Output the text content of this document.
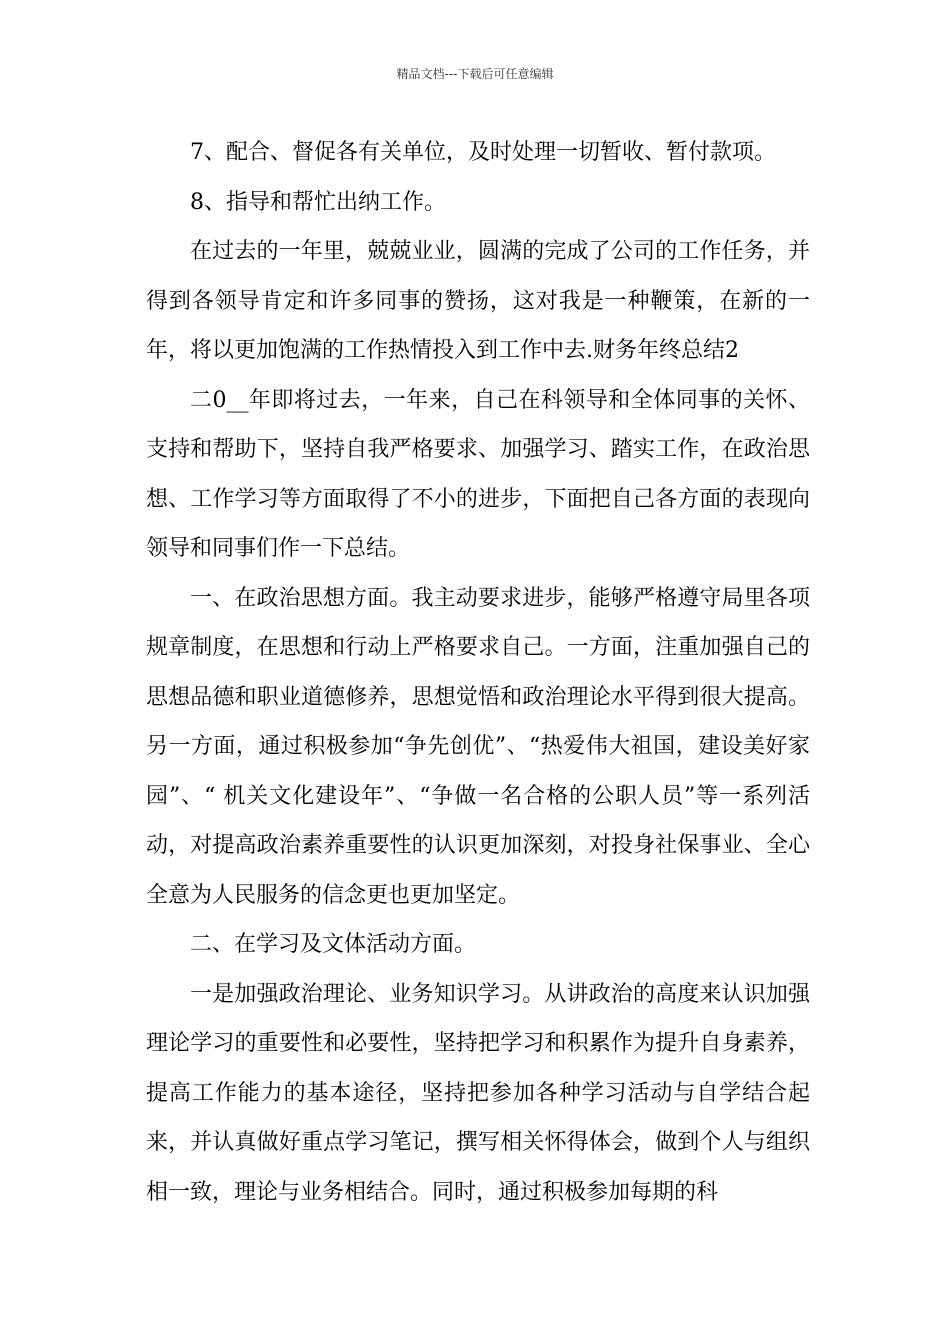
精品文档---下载后可任意编辑

7、配合、督促各有关单位，及时处理一切暂收、暂付款项。

8、指导和帮忙出纳工作。

在过去的一年里，兢兢业业，圆满的完成了公司的工作任务，并得到各领导肯定和许多同事的赞扬，这对我是一种鞭策，在新的一年，将以更加饱满的工作热情投入到工作中去.财务年终总结2

二0__年即将过去，一年来，自己在科领导和全体同事的关怀、支持和帮助下，坚持自我严格要求、加强学习、踏实工作，在政治思想、工作学习等方面取得了不小的进步，下面把自己各方面的表现向领导和同事们作一下总结。

一、在政治思想方面。我主动要求进步，能够严格遵守局里各项规章制度，在思想和行动上严格要求自己。一方面，注重加强自己的思想品德和职业道德修养，思想觉悟和政治理论水平得到很大提高。另一方面，通过积极参加“争先创优”、“热爱伟大祖国，建设美好家园”、“ 机关文化建设年”、“争做一名合格的公职人员”等一系列活动，对提高政治素养重要性的认识更加深刻，对投身社保事业、全心全意为人民服务的信念更也更加坚定。

二、在学习及文体活动方面。

一是加强政治理论、业务知识学习。从讲政治的高度来认识加强理论学习的重要性和必要性，坚持把学习和积累作为提升自身素养，提高工作能力的基本途径，坚持把参加各种学习活动与自学结合起来，并认真做好重点学习笔记，撰写相关怀得体会，做到个人与组织相一致，理论与业务相结合。同时，通过积极参加每期的科
